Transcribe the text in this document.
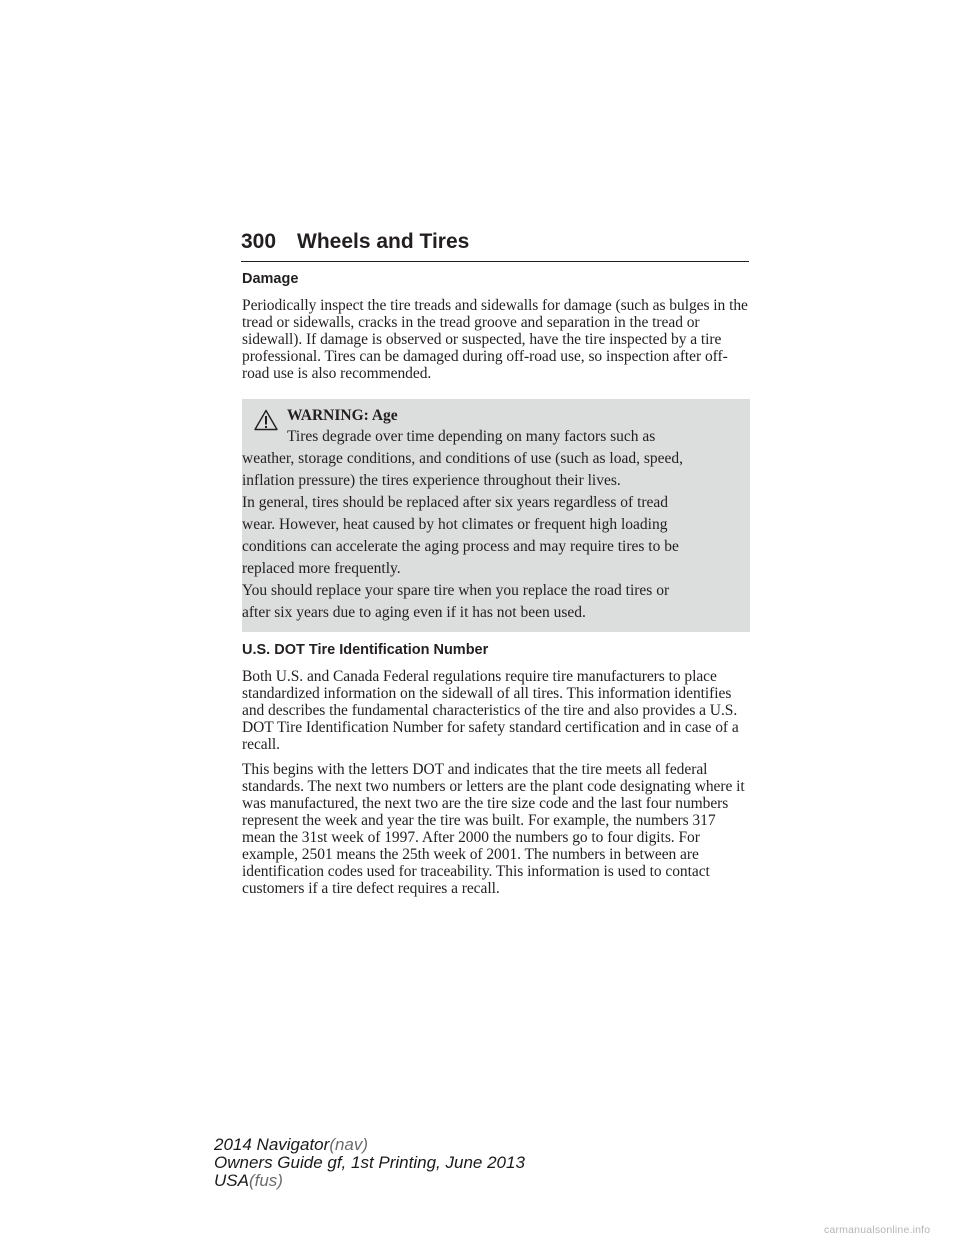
300 Wheels and Tires
Damage

Periodically inspect the tire treads and sidewalls for damage (such as bulges in the tread or sidewalls, cracks in the tread groove and separation in the tread or sidewall). If damage is observed or suspected, have the tire inspected by a tire professional. Tires can be damaged during off-road use, so inspection after off-road use is also recommended.

WARNING: Age
Tires degrade over time depending on many factors such as
weather, storage conditions, and conditions of use (such as load, speed,
inflation pressure) the tires experience throughout their lives.
In general, tires should be replaced after six years regardless of tread
wear. However, heat caused by hot climates or frequent high loading
conditions can accelerate the aging process and may require tires to be
replaced more frequently.
You should replace your spare tire when you replace the road tires or
after six years due to aging even if it has not been used.
U.S. DOT Tire Identification Number

Both U.S. and Canada Federal regulations require tire manufacturers to place standardized information on the sidewall of all tires. This information identifies and describes the fundamental characteristics of the tire and also provides a U.S. DOT Tire Identification Number for safety standard certification and in case of a recall.

This begins with the letters DOT and indicates that the tire meets all federal standards. The next two numbers or letters are the plant code designating where it was manufactured, the next two are the tire size code and the last four numbers represent the week and year the tire was built. For example, the numbers 317 mean the 31st week of 1997. After 2000 the numbers go to four digits. For example, 2501 means the 25th week of 2001. The numbers in between are identification codes used for traceability. This information is used to contact customers if a tire defect requires a recall.

2014 Navigator(nav)
Owners Guide gf, 1st Printing, June 2013
USA(fus)
carmanualsonline.info
